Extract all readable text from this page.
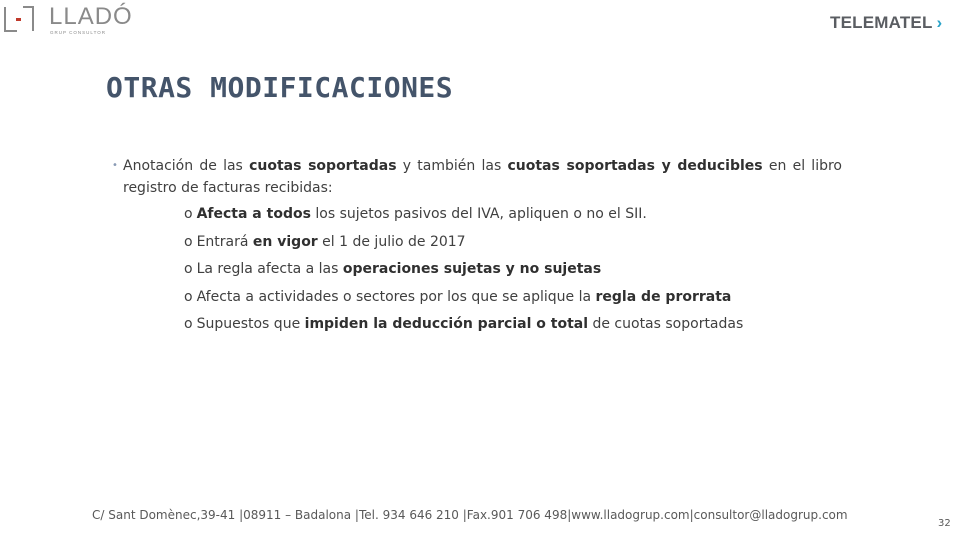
LLADÓ
GRUP CONSULTOR
TELEMATEL ›
OTRAS MODIFICACIONES
• Anotación de las cuotas soportadas y también las cuotas soportadas y deducibles en el libro registro de facturas recibidas:
o Afecta a todos los sujetos pasivos del IVA, apliquen o no el SII.
o Entrará en vigor el 1 de julio de 2017
o La regla afecta a las operaciones sujetas y no sujetas
o Afecta a actividades o sectores por los que se aplique la regla de prorrata
o Supuestos que impiden la deducción parcial o total de cuotas soportadas
C/ Sant Domènec,39-41 |08911 – Badalona |Tel. 934 646 210 |Fax.901 706 498|www.lladogrup.com|consultor@lladogrup.com
32
